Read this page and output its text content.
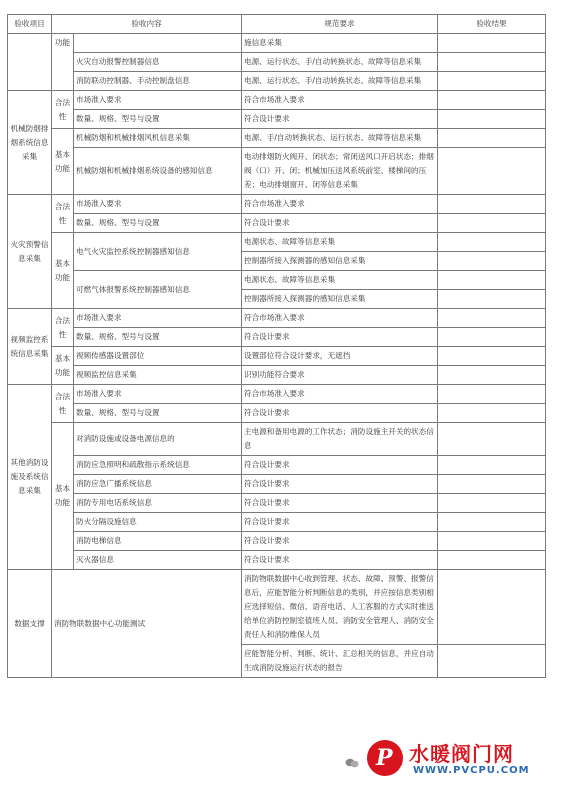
验收项目	验收内容		规范要求	验收结果
	功能		施信息采集	
		火灾自动报警控制器信息	电源、运行状态、手/自动转换状态、故障等信息采集	
		消防联动控制器、手动控制盘信息	电源、运行状态、手/自动转换状态、故障等信息采集	
机械防烟排烟系统信息采集	合法性	市场准入要求	符合市场准入要求	
		数量、规格、型号与设置	符合设计要求	
	基本功能	机械防烟和机械排烟风机信息采集	电源、手/自动转换状态、运行状态、故障等信息采集	
		机械防烟和机械排烟系统设备的感知信息	电动排烟防火阀开、闭状态；常闭送风口开启状态；排烟阀（口）开、闭；机械加压送风系统前室、楼梯间的压差；电动排烟窗开、闭等信息采集	
火灾预警信息采集	合法性	市场准入要求	符合市场准入要求	
		数量、规格、型号与设置	符合设计要求	
	基本功能	电气火灾监控系统控制器感知信息	电源状态、故障等信息采集	
			控制器所接入探测器的感知信息采集	
		可燃气体报警系统控制器感知信息	电源状态、故障等信息采集	
			控制器所接入探测器的感知信息采集	
视频监控系统信息采集	合法性	市场准入要求	符合市场准入要求	
		数量、规格、型号与设置	符合设计要求	
	基本功能	视频传感器设置部位	设置部位符合设计要求，无遮挡	
		视频监控信息采集	识别功能符合要求	
其他消防设施及系统信息采集	合法性	市场准入要求	符合市场准入要求	
		数量、规格、型号与设置	符合设计要求	
	基本功能	对消防设施或设备电源信息的	主电源和备用电源的工作状态；消防设施主开关的状态信息	
		消防应急照明和疏散指示系统信息	符合设计要求	
		消防应急广播系统信息	符合设计要求	
		消防专用电话系统信息	符合设计要求	
		防火分隔设施信息	符合设计要求	
		消防电梯信息	符合设计要求	
		灭火器信息	符合设计要求	
数据支撑	消防物联数据中心功能测试		消防物联数据中心收到管理、状态、故障、预警、报警信息后，应能智能分析判断信息的类别，并应按信息类别相应选择短信、微信、语音电话、人工客服的方式实时推送给单位消防控制室值班人员、消防安全管理人、消防安全责任人和消防维保人员	
			应能智能分析、判断、统计、汇总相关的信息，并应自动生成消防设施运行状态的报告	
P 水暖阀门网
WWW.PVCPU.COM
